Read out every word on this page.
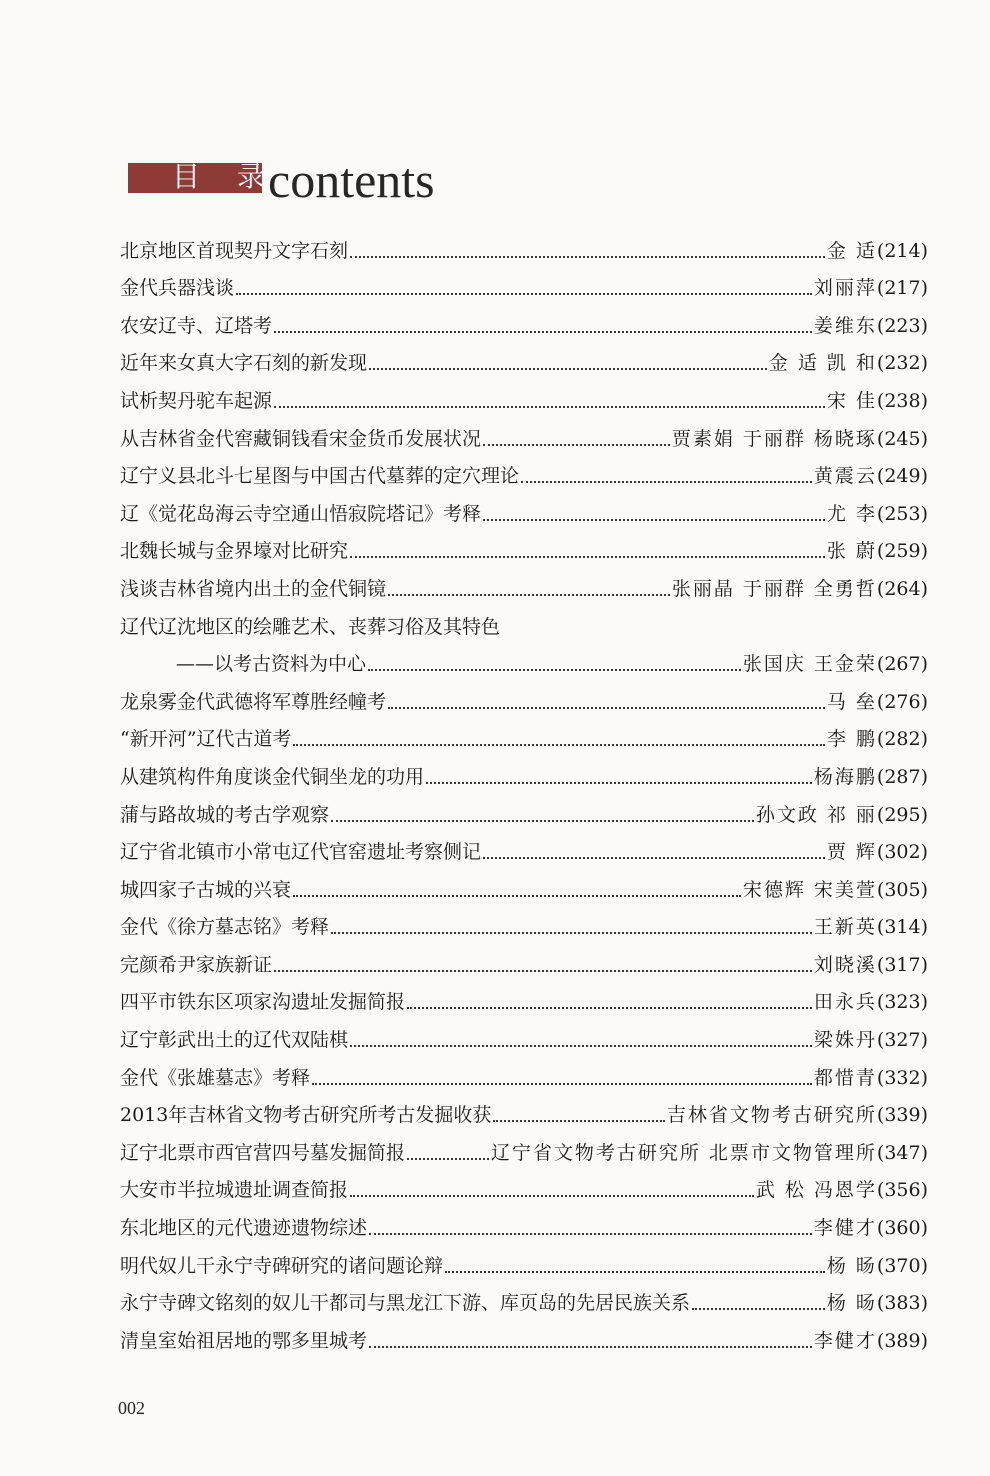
目 录
contents
北京地区首现契丹文字石刻	金 适 (214)
金代兵器浅谈	刘丽萍 (217)
农安辽寺、辽塔考	姜维东 (223)
近年来女真大字石刻的新发现	金 适 凯 和 (232)
试析契丹驼车起源	宋 佳 (238)
从吉林省金代窖藏铜钱看宋金货币发展状况	贾素娟 于丽群 杨晓琢 (245)
辽宁义县北斗七星图与中国古代墓葬的定穴理论	黄震云 (249)
辽《觉花岛海云寺空通山悟寂院塔记》考释	尤 李 (253)
北魏长城与金界壕对比研究	张 蔚 (259)
浅谈吉林省境内出土的金代铜镜	张丽晶 于丽群 全勇哲 (264)
辽代辽沈地区的绘雕艺术、丧葬习俗及其特色
——以考古资料为中心	张国庆 王金荣 (267)
龙泉雾金代武德将军尊胜经幢考	马 垒 (276)
“新开河”辽代古道考	李 鹏 (282)
从建筑构件角度谈金代铜坐龙的功用	杨海鹏 (287)
蒲与路故城的考古学观察	孙文政 祁 丽 (295)
辽宁省北镇市小常屯辽代官窑遗址考察侧记	贾 辉 (302)
城四家子古城的兴衰	宋德辉 宋美萱 (305)
金代《徐方墓志铭》考释	王新英 (314)
完颜希尹家族新证	刘晓溪 (317)
四平市铁东区项家沟遗址发掘简报	田永兵 (323)
辽宁彰武出土的辽代双陆棋	梁姝丹 (327)
金代《张雄墓志》考释	都惜青 (332)
2013年吉林省文物考古研究所考古发掘收获	吉林省文物考古研究所 (339)
辽宁北票市西官营四号墓发掘简报	辽宁省文物考古研究所 北票市文物管理所 (347)
大安市半拉城遗址调查简报	武 松 冯恩学 (356)
东北地区的元代遗迹遗物综述	李健才 (360)
明代奴儿干永宁寺碑研究的诸问题论辩	杨 旸 (370)
永宁寺碑文铭刻的奴儿干都司与黑龙江下游、库页岛的先居民族关系	杨 旸 (383)
清皇室始祖居地的鄂多里城考	李健才 (389)
002
